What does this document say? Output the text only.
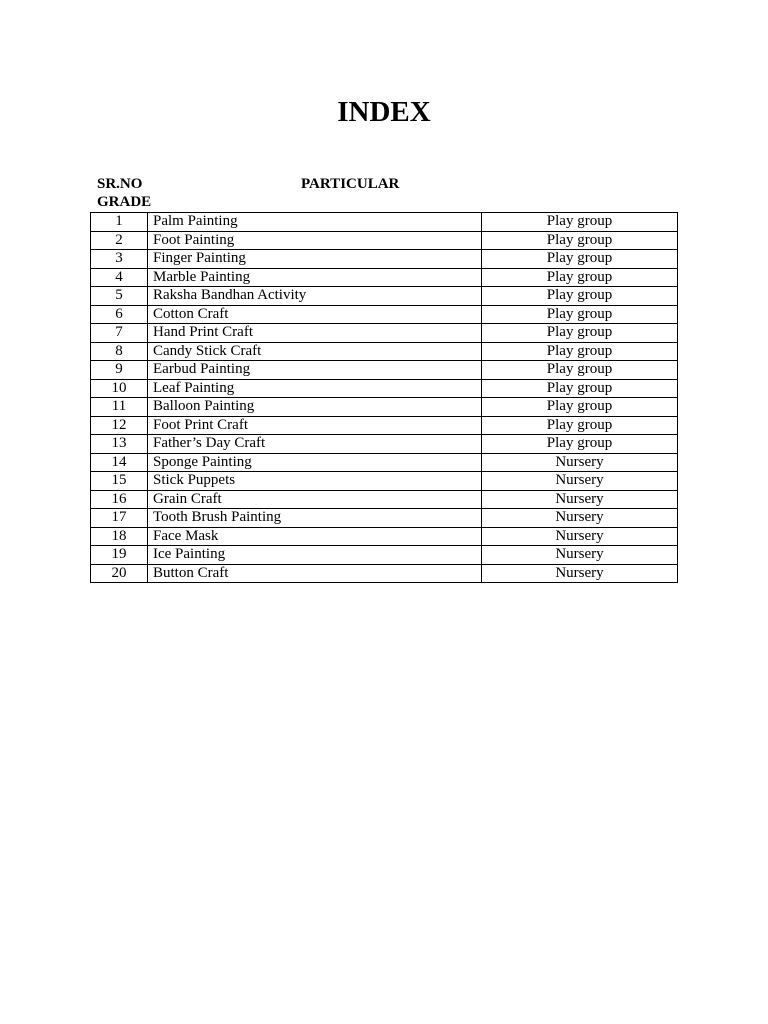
INDEX
SR.NO	PARTICULAR
GRADE
1	Palm Painting	Play group
2	Foot Painting	Play group
3	Finger Painting	Play group
4	Marble Painting	Play group
5	Raksha Bandhan Activity	Play group
6	Cotton Craft	Play group
7	Hand Print Craft	Play group
8	Candy Stick Craft	Play group
9	Earbud Painting	Play group
10	Leaf Painting	Play group
11	Balloon Painting	Play group
12	Foot Print Craft	Play group
13	Father’s Day Craft	Play group
14	Sponge Painting	Nursery
15	Stick Puppets	Nursery
16	Grain Craft	Nursery
17	Tooth Brush Painting	Nursery
18	Face Mask	Nursery
19	Ice Painting	Nursery
20	Button Craft	Nursery
